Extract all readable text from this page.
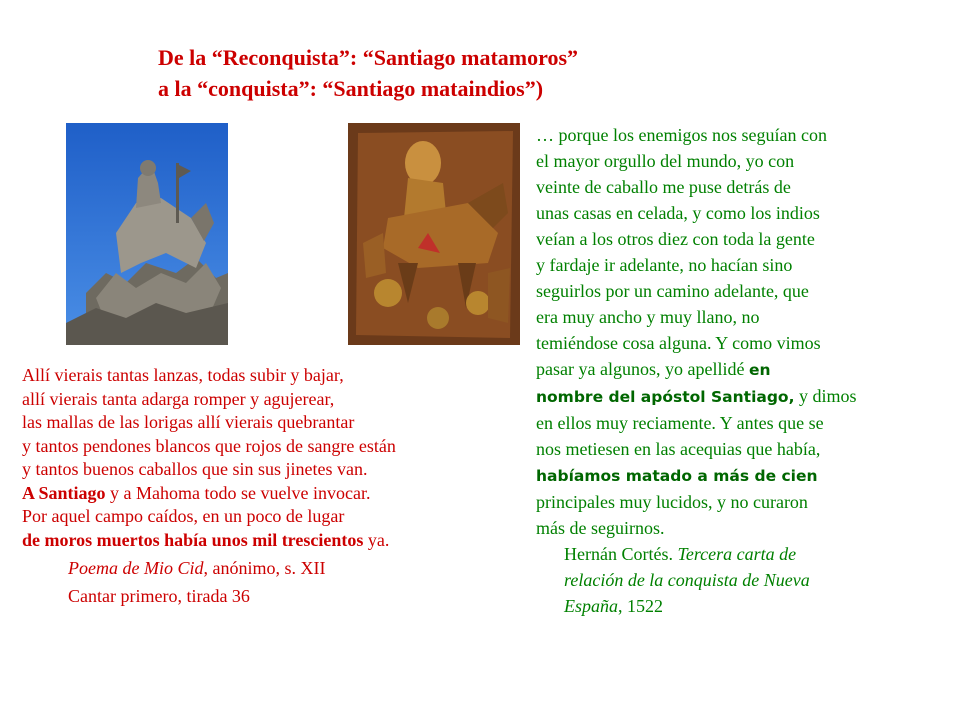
De la “Reconquista”: “Santiago matamoros”
a la “conquista”: “Santiago mataindios”)
Allí vierais tantas lanzas, todas subir y bajar,
allí vierais tanta adarga romper y agujerear,
las mallas de las lorigas allí vierais quebrantar
y tantos pendones blancos que rojos de sangre están
y tantos buenos caballos que sin sus jinetes van.
A Santiago y a Mahoma todo se vuelve invocar.
Por aquel campo caídos, en un poco de lugar
de moros muertos había unos mil trescientos ya.
Poema de Mio Cid, anónimo, s. XII
Cantar primero, tirada 36
… porque los enemigos nos seguían con
el mayor orgullo del mundo, yo con
veinte de caballo me puse detrás de
unas casas en celada, y como los indios
veían a los otros diez con toda la gente
y fardaje ir adelante, no hacían sino
seguirlos por un camino adelante, que
era muy ancho y muy llano, no
temiéndose cosa alguna. Y como vimos
pasar ya algunos, yo apellidé en
nombre del apóstol Santiago, y dimos
en ellos muy reciamente. Y antes que se
nos metiesen en las acequias que había,
habíamos matado a más de cien
principales muy lucidos, y no curaron
más de seguirnos.
Hernán Cortés. Tercera carta de
relación de la conquista de Nueva
España, 1522
